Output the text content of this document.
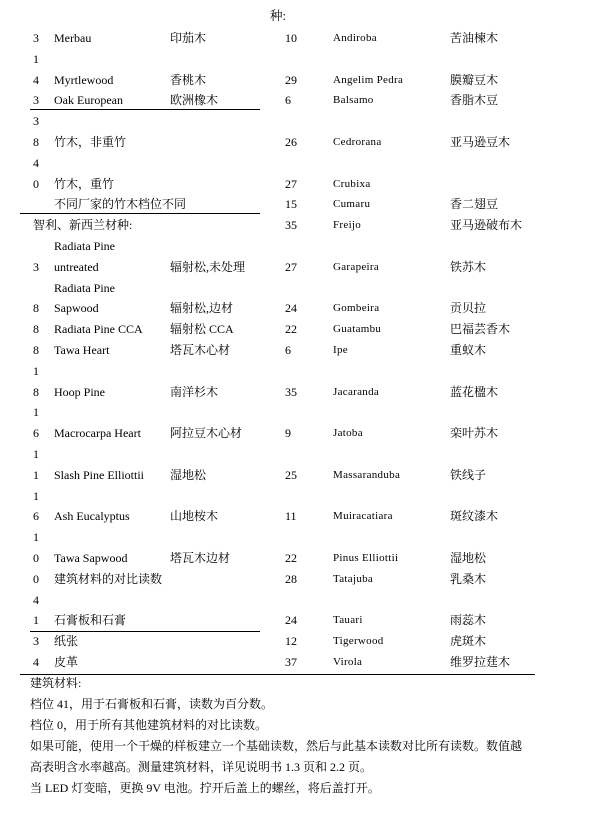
种:
3 Merbau	印茄木	10	Andiroba	苦油楝木
1
4 Myrtlewood	香桃木	29	Angelim Pedra	膜瓣豆木
3 Oak European	欧洲橡木	6	Balsamo	香脂木豆
3
8 竹木，非重竹	26	Cedrorana	亚马逊豆木
4
0 竹木，重竹	27	Crubixa
不同厂家的竹木档位不同	15	Cumaru	香二翅豆
智利、新西兰材种:	35	Freijo	亚马逊破布木
Radiata Pine
3 untreated	辐射松,未处理	27	Garapeira	铁苏木
Radiata Pine
8 Sapwood	辐射松,边材	24	Gombeira	贡贝拉
8 Radiata Pine CCA 辐射松 CCA	22	Guatambu	巴福芸香木
8 Tawa Heart	塔瓦木心材	6	Ipe	重蚁木
1
8 Hoop Pine	南洋杉木	35	Jacaranda	蓝花楹木
1
6 Macrocarpa Heart 阿拉豆木心材	9	Jatoba	栾叶苏木
1
1 Slash Pine Elliottii 湿地松	25	Massaranduba	铁线子
1
6 Ash Eucalyptus	山地桉木	11	Muiracatiara	斑纹漆木
1
0 Tawa Sapwood	塔瓦木边材	22	Pinus Elliottii	湿地松
0 建筑材料的对比读数	28	Tatajuba	乳桑木
4
1 石膏板和石膏	24	Tauari	雨蕊木
3 纸张	12	Tigerwood	虎斑木
4 皮革	37	Virola	维罗拉莛木
建筑材料:
档位 41，用于石膏板和石膏，读数为百分数。
档位 0，用于所有其他建筑材料的对比读数。
如果可能，使用一个干燥的样板建立一个基础读数，然后与此基本读数对比所有读数。数值越
高表明含水率越高。测量建筑材料，详见说明书 1.3 页和 2.2 页。
当 LED 灯变暗，更换 9V 电池。拧开后盖上的螺丝，将后盖打开。
